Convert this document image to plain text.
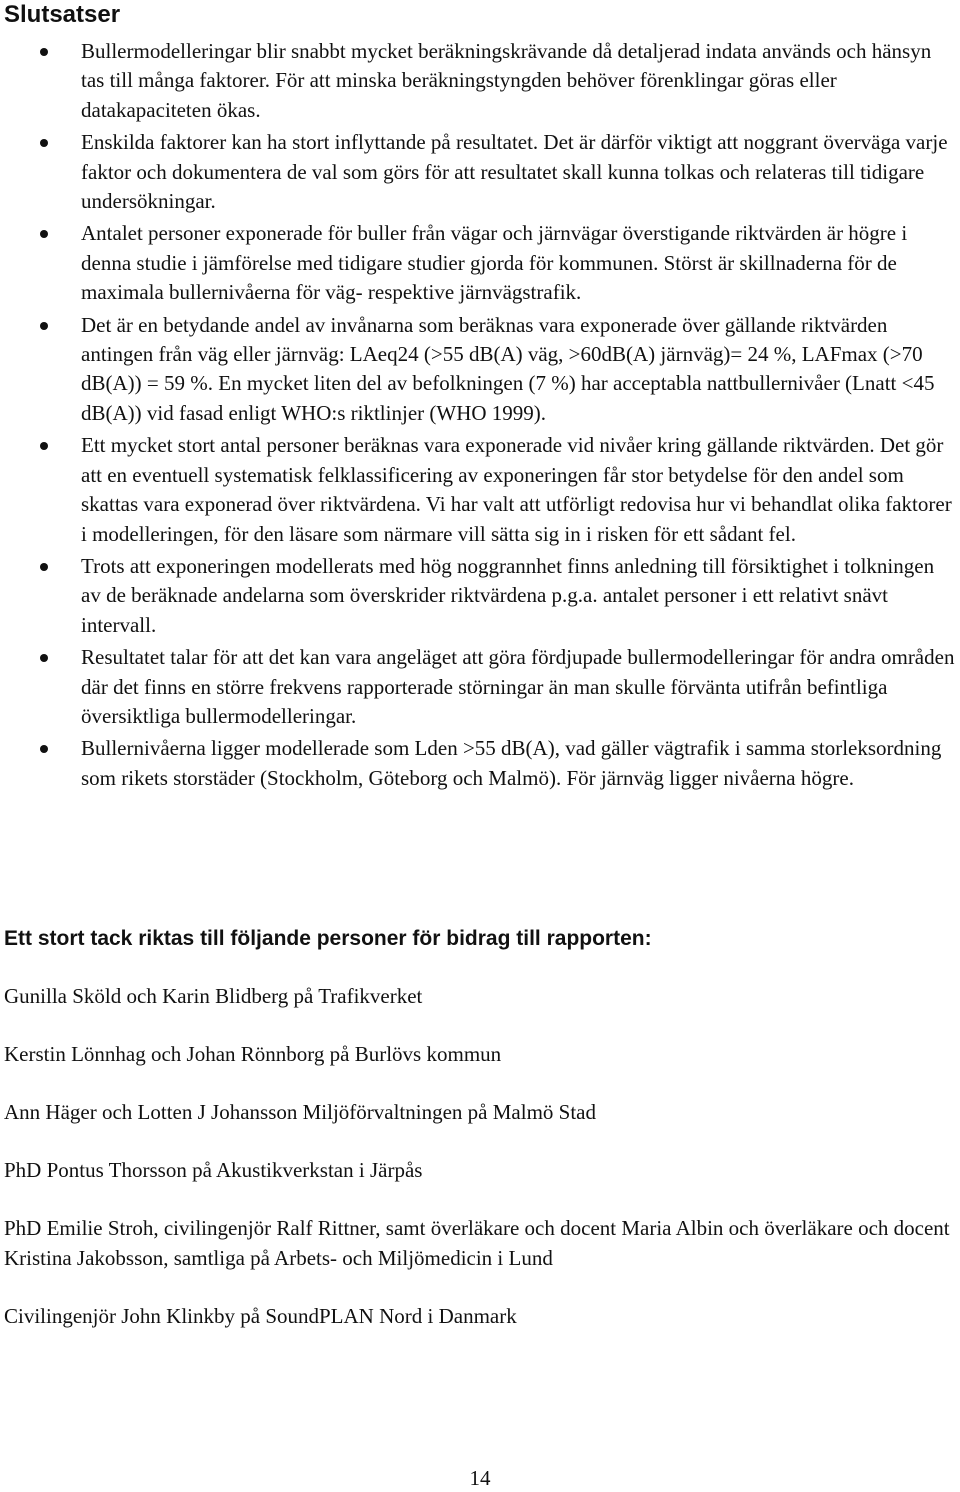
Slutsatser
Bullermodelleringar blir snabbt mycket beräkningskrävande då detaljerad indata används och hänsyn tas till många faktorer. För att minska beräkningstyngden behöver förenklingar göras eller datakapaciteten ökas.
Enskilda faktorer kan ha stort inflyttande på resultatet. Det är därför viktigt att noggrant överväga varje faktor och dokumentera de val som görs för att resultatet skall kunna tolkas och relateras till tidigare undersökningar.
Antalet personer exponerade för buller från vägar och järnvägar överstigande riktvärden är högre i denna studie i jämförelse med tidigare studier gjorda för kommunen. Störst är skillnaderna för de maximala bullernivåerna för väg- respektive järnvägstrafik.
Det är en betydande andel av invånarna som beräknas vara exponerade över gällande riktvärden antingen från väg eller järnväg: LAeq24 (>55 dB(A) väg, >60dB(A) järnväg)= 24 %, LAFmax (>70 dB(A)) = 59 %. En mycket liten del av befolkningen (7 %) har acceptabla nattbullernivåer (Lnatt <45 dB(A)) vid fasad enligt WHO:s riktlinjer (WHO 1999).
Ett mycket stort antal personer beräknas vara exponerade vid nivåer kring gällande riktvärden. Det gör att en eventuell systematisk felklassificering av exponeringen får stor betydelse för den andel som skattas vara exponerad över riktvärdena. Vi har valt att utförligt redovisa hur vi behandlat olika faktorer i modelleringen, för den läsare som närmare vill sätta sig in i risken för ett sådant fel.
Trots att exponeringen modellerats med hög noggrannhet finns anledning till försiktighet i tolkningen av de beräknade andelarna som överskrider riktvärdena p.g.a. antalet personer i ett relativt snävt intervall.
Resultatet talar för att det kan vara angeläget att göra fördjupade bullermodelleringar för andra områden där det finns en större frekvens rapporterade störningar än man skulle förvänta utifrån befintliga översiktliga bullermodelleringar.
Bullernivåerna ligger modellerade som Lden >55 dB(A), vad gäller vägtrafik i samma storleksordning som rikets storstäder (Stockholm, Göteborg och Malmö). För järnväg ligger nivåerna högre.
Ett stort tack riktas till följande personer för bidrag till rapporten:

Gunilla Sköld och Karin Blidberg på Trafikverket

Kerstin Lönnhag och Johan Rönnborg på Burlövs kommun

Ann Häger och Lotten J Johansson Miljöförvaltningen på Malmö Stad

PhD Pontus Thorsson på Akustikverkstan i Järpås

PhD Emilie Stroh, civilingenjör Ralf Rittner, samt överläkare och docent Maria Albin och överläkare och docent Kristina Jakobsson, samtliga på Arbets- och Miljömedicin i Lund

Civilingenjör John Klinkby på SoundPLAN Nord i Danmark

14
